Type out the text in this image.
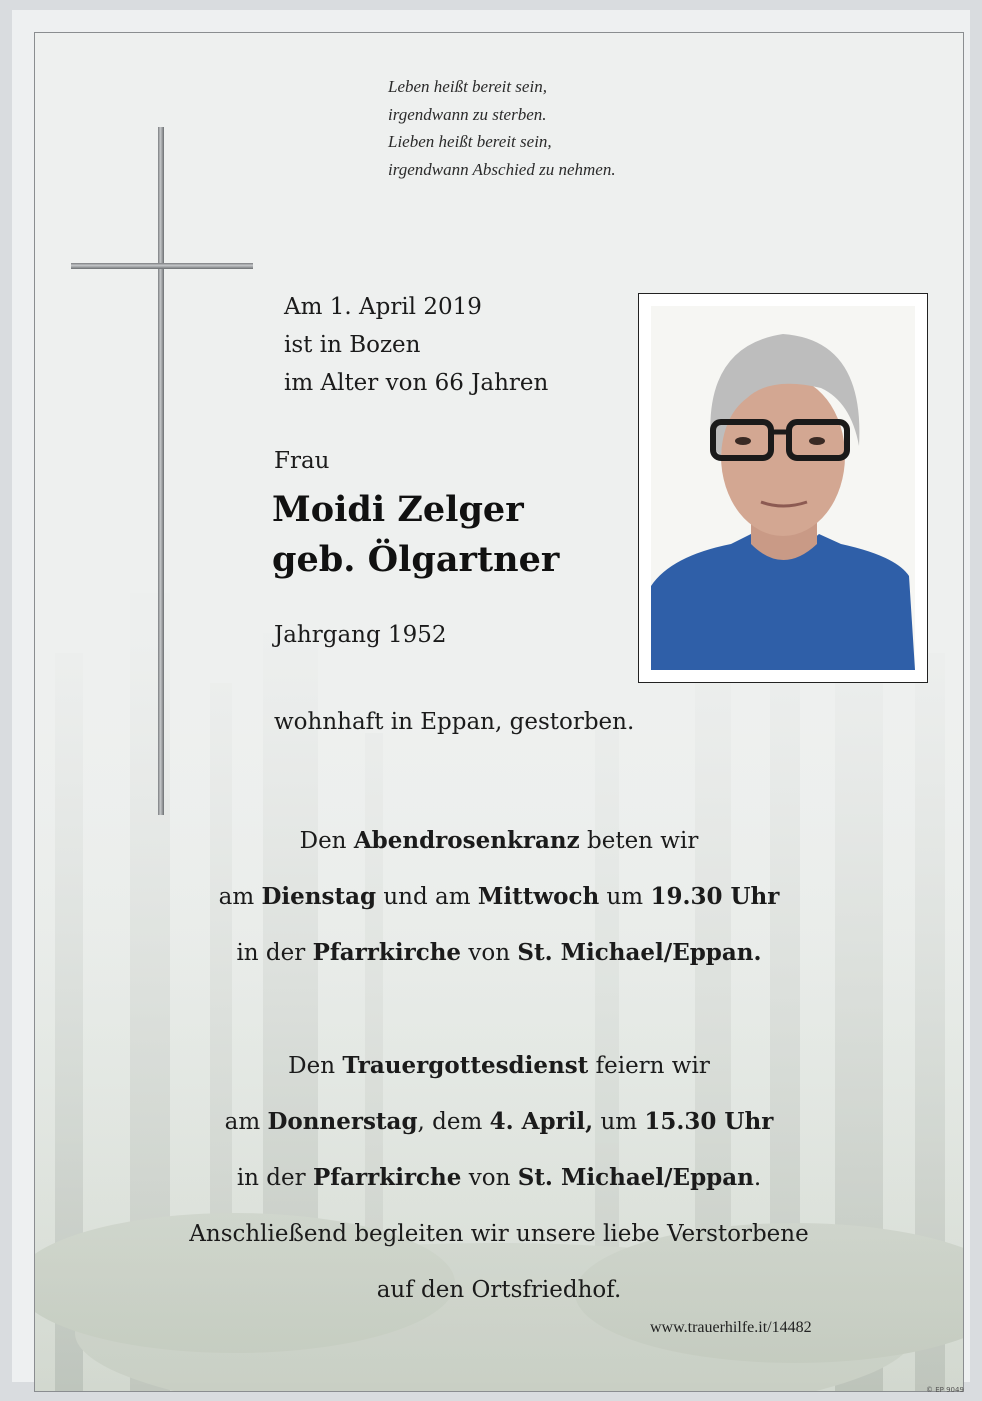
Leben heißt bereit sein,
irgendwann zu sterben.
Lieben heißt bereit sein,
irgendwann Abschied zu nehmen.
Am 1. April 2019
ist in Bozen
im Alter von 66 Jahren
Frau
Moidi Zelger
geb. Ölgartner
Jahrgang 1952
wohnhaft in Eppan, gestorben.
Den Abendrosenkranz beten wir
am Dienstag und am Mittwoch um 19.30 Uhr
in der Pfarrkirche von St. Michael/Eppan.
Den Trauergottesdienst feiern wir
am Donnerstag, dem 4. April, um 15.30 Uhr
in der Pfarrkirche von St. Michael/Eppan.
Anschließend begleiten wir unsere liebe Verstorbene
auf den Ortsfriedhof.
www.trauerhilfe.it/14482
© EP 9049
